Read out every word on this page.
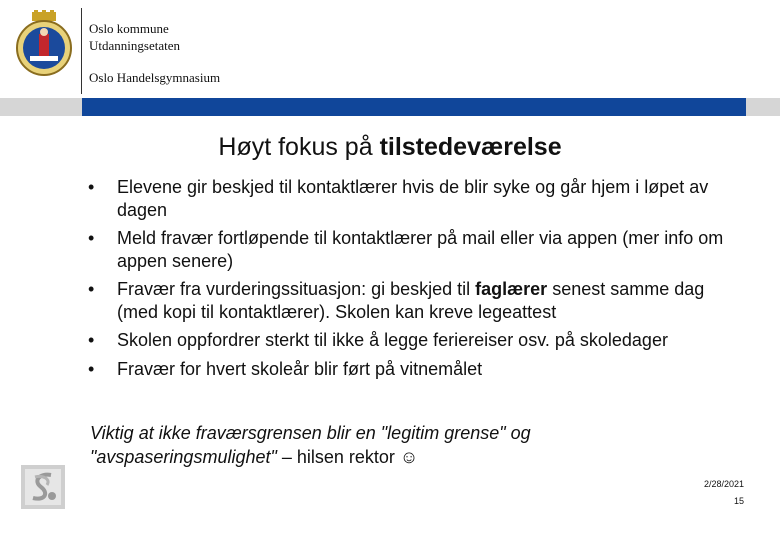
Oslo kommune
Utdanningsetaten
Oslo Handelsgymnasium
Høyt fokus på tilstedeværelse
• Elevene gir beskjed til kontaktlærer hvis de blir syke og går hjem i løpet av dagen
• Meld fravær fortløpende til kontaktlærer på mail eller via appen (mer info om appen senere)
• Fravær fra vurderingssituasjon: gi beskjed til faglærer senest samme dag (med kopi til kontaktlærer). Skolen kan kreve legeattest
• Skolen oppfordrer sterkt til ikke å legge feriereiser osv. på skoledager
• Fravær for hvert skoleår blir ført på vitnemålet
Viktig at ikke fraværsgrensen blir en "legitim grense" og "avspaseringsmulighet" – hilsen rektor ☺
2/28/2021
15
